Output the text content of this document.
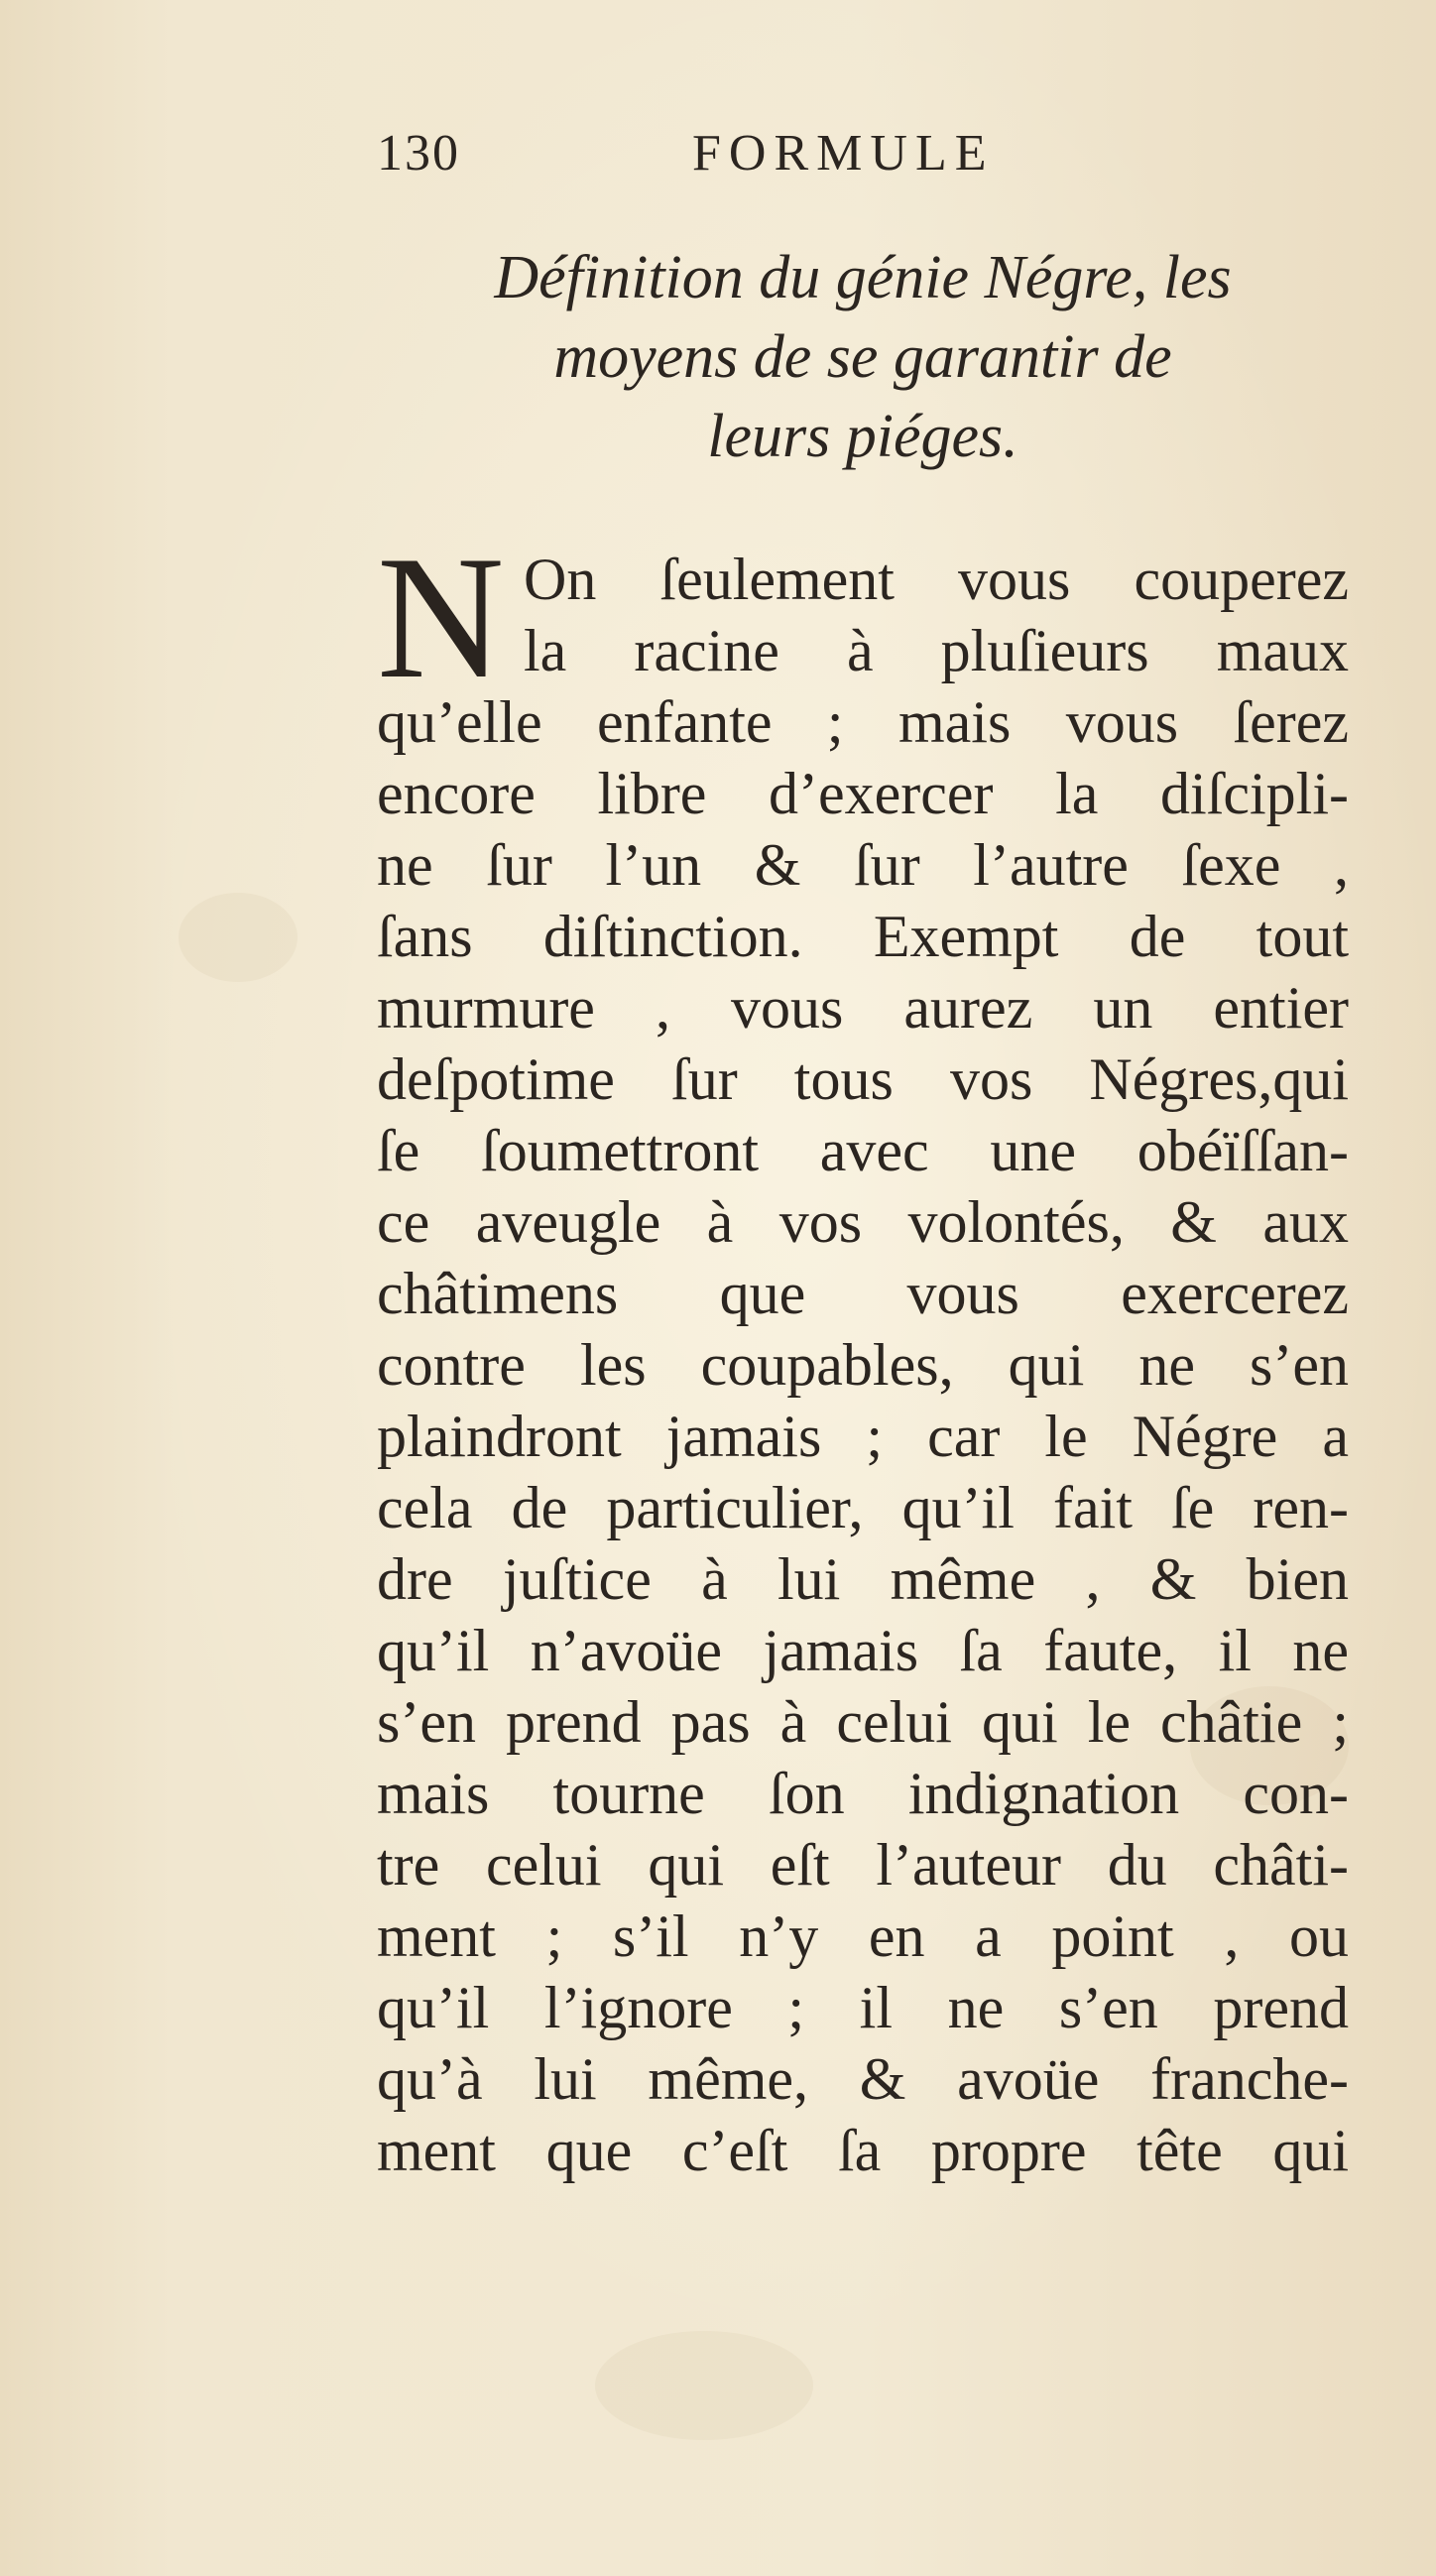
130	FORMULE
Définition du génie Négre, les
moyens de se garantir de
leurs piéges.
N On ſeulement vous couperez
la racine à pluſieurs maux
qu’elle enfante ; mais vous ſerez
encore libre d’exercer la diſcipli-
ne ſur l’un & ſur l’autre ſexe ,
ſans diſtinction. Exempt de tout
murmure , vous aurez un entier
deſpotime ſur tous vos Négres,qui
ſe ſoumettront avec une obéïſſan-
ce aveugle à vos volontés, & aux
châtimens que vous exercerez
contre les coupables, qui ne s’en
plaindront jamais ; car le Négre a
cela de particulier, qu’il fait ſe ren-
dre juſtice à lui même , & bien
qu’il n’avoüe jamais ſa faute, il ne
s’en prend pas à celui qui le châtie ;
mais tourne ſon indignation con-
tre celui qui eſt l’auteur du châti-
ment ; s’il n’y en a point , ou
qu’il l’ignore ; il ne s’en prend
qu’à lui même, & avoüe franche-
ment que c’eſt ſa propre tête qui
